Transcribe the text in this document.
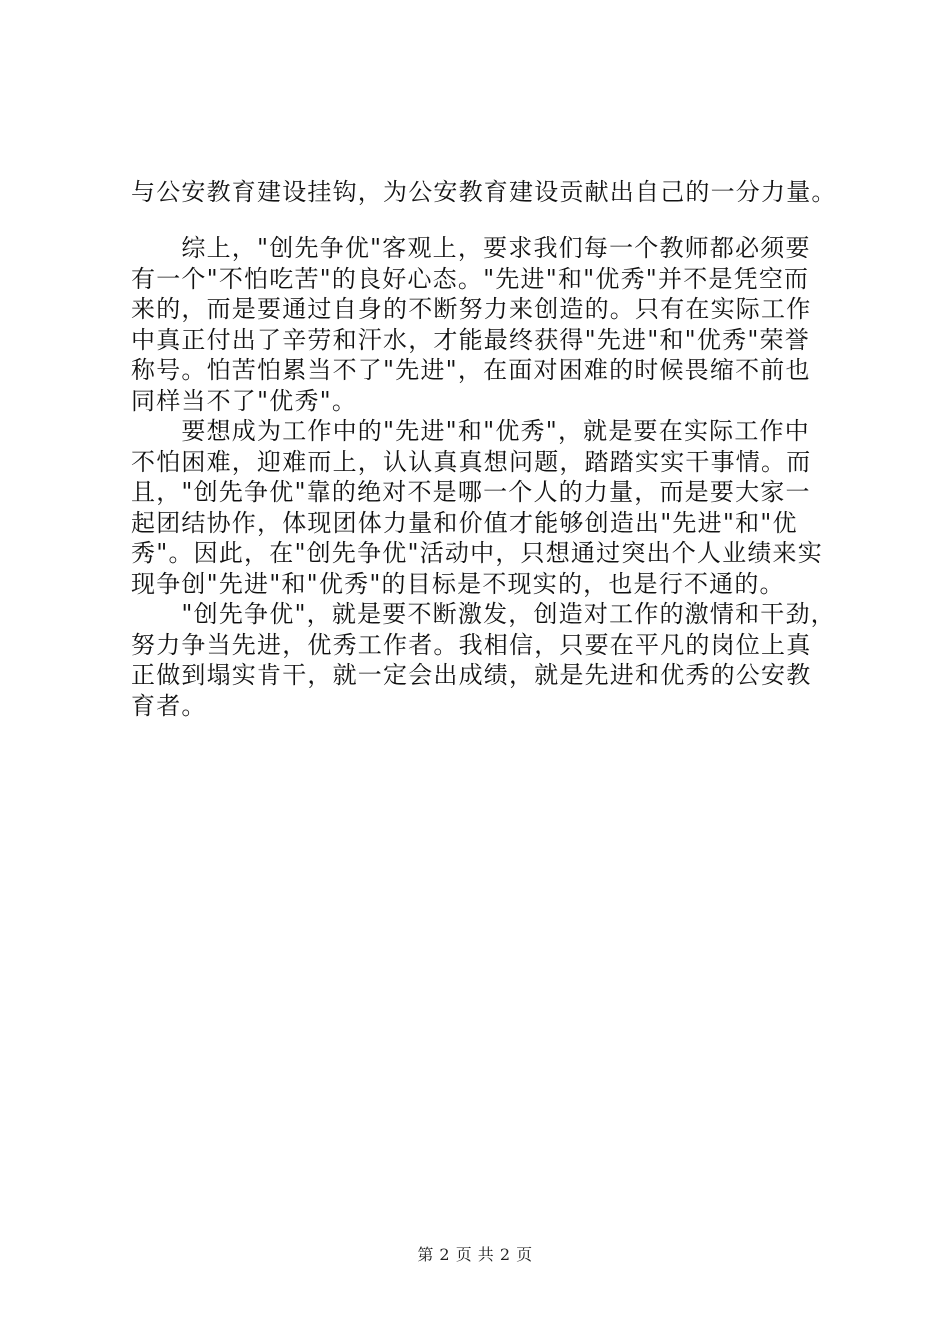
与公安教育建设挂钩，为公安教育建设贡献出自己的一分力量。
　　综上，"创先争优"客观上，要求我们每一个教师都必须要
有一个"不怕吃苦"的良好心态。"先进"和"优秀"并不是凭空而
来的，而是要通过自身的不断努力来创造的。只有在实际工作
中真正付出了辛劳和汗水，才能最终获得"先进"和"优秀"荣誉
称号。怕苦怕累当不了"先进"，在面对困难的时候畏缩不前也
同样当不了"优秀"。
　　要想成为工作中的"先进"和"优秀"，就是要在实际工作中
不怕困难，迎难而上，认认真真想问题，踏踏实实干事情。而
且，"创先争优"靠的绝对不是哪一个人的力量，而是要大家一
起团结协作，体现团体力量和价值才能够创造出"先进"和"优
秀"。因此，在"创先争优"活动中，只想通过突出个人业绩来实
现争创"先进"和"优秀"的目标是不现实的，也是行不通的。
　　"创先争优"，就是要不断激发，创造对工作的激情和干劲，
努力争当先进，优秀工作者。我相信，只要在平凡的岗位上真
正做到塌实肯干，就一定会出成绩，就是先进和优秀的公安教
育者。
第 2 页 共 2 页
